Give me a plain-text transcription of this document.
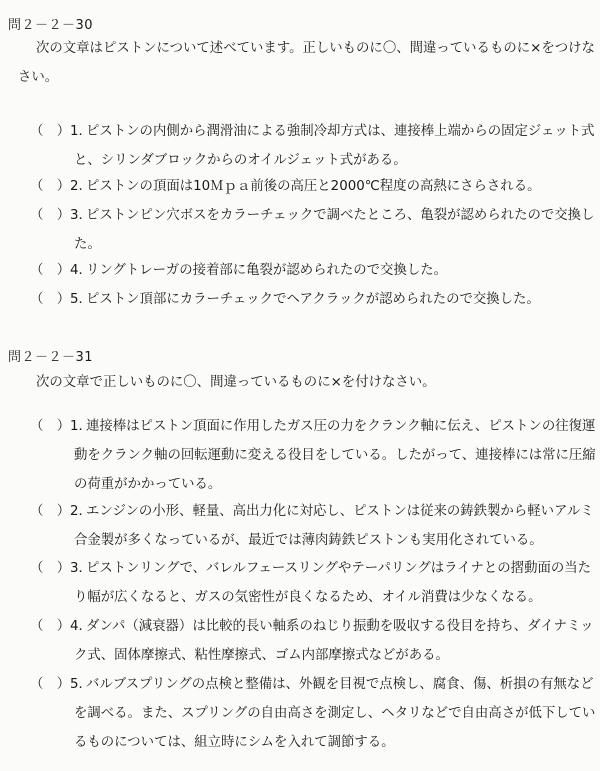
問２－２－30
次の文章はピストンについて述べています。正しいものに〇、間違っているものに×をつけな
さい。
（　） 1．
ピストンの内側から潤滑油による強制冷却方式は、連接棒上端からの固定ジェット式
と、シリンダブロックからのオイルジェット式がある。
（　） 2．
ピストンの頂面は10Ｍｐａ前後の高圧と2000℃程度の高熱にさらされる。
（　） 3．
ピストンピン穴ボスをカラーチェックで調べたところ、亀裂が認められたので交換し
た。
（　） 4．
リングトレーガの接着部に亀裂が認められたので交換した。
（　） 5．
ピストン頂部にカラーチェックでヘアクラックが認められたので交換した。
問２－２－31
次の文章で正しいものに〇、間違っているものに×を付けなさい。
（　） 1．
連接棒はピストン頂面に作用したガス圧の力をクランク軸に伝え、ピストンの往復運
動をクランク軸の回転運動に変える役目をしている。したがって、連接棒には常に圧縮
の荷重がかかっている。
（　） 2．
エンジンの小形、軽量、高出力化に対応し、ピストンは従来の鋳鉄製から軽いアルミ
合金製が多くなっているが、最近では薄肉鋳鉄ピストンも実用化されている。
（　） 3．
ピストンリングで、バレルフェースリングやテーパリングはライナとの摺動面の当た
り幅が広くなると、ガスの気密性が良くなるため、オイル消費は少なくなる。
（　） 4．
ダンパ（減衰器）は比較的長い軸系のねじり振動を吸収する役目を持ち、ダイナミッ
ク式、固体摩擦式、粘性摩擦式、ゴム内部摩擦式などがある。
（　） 5．
バルブスプリングの点検と整備は、外観を目視で点検し、腐食、傷、析損の有無など
を調べる。また、スプリングの自由高さを測定し、ヘタリなどで自由高さが低下してい
るものについては、組立時にシムを入れて調節する。
